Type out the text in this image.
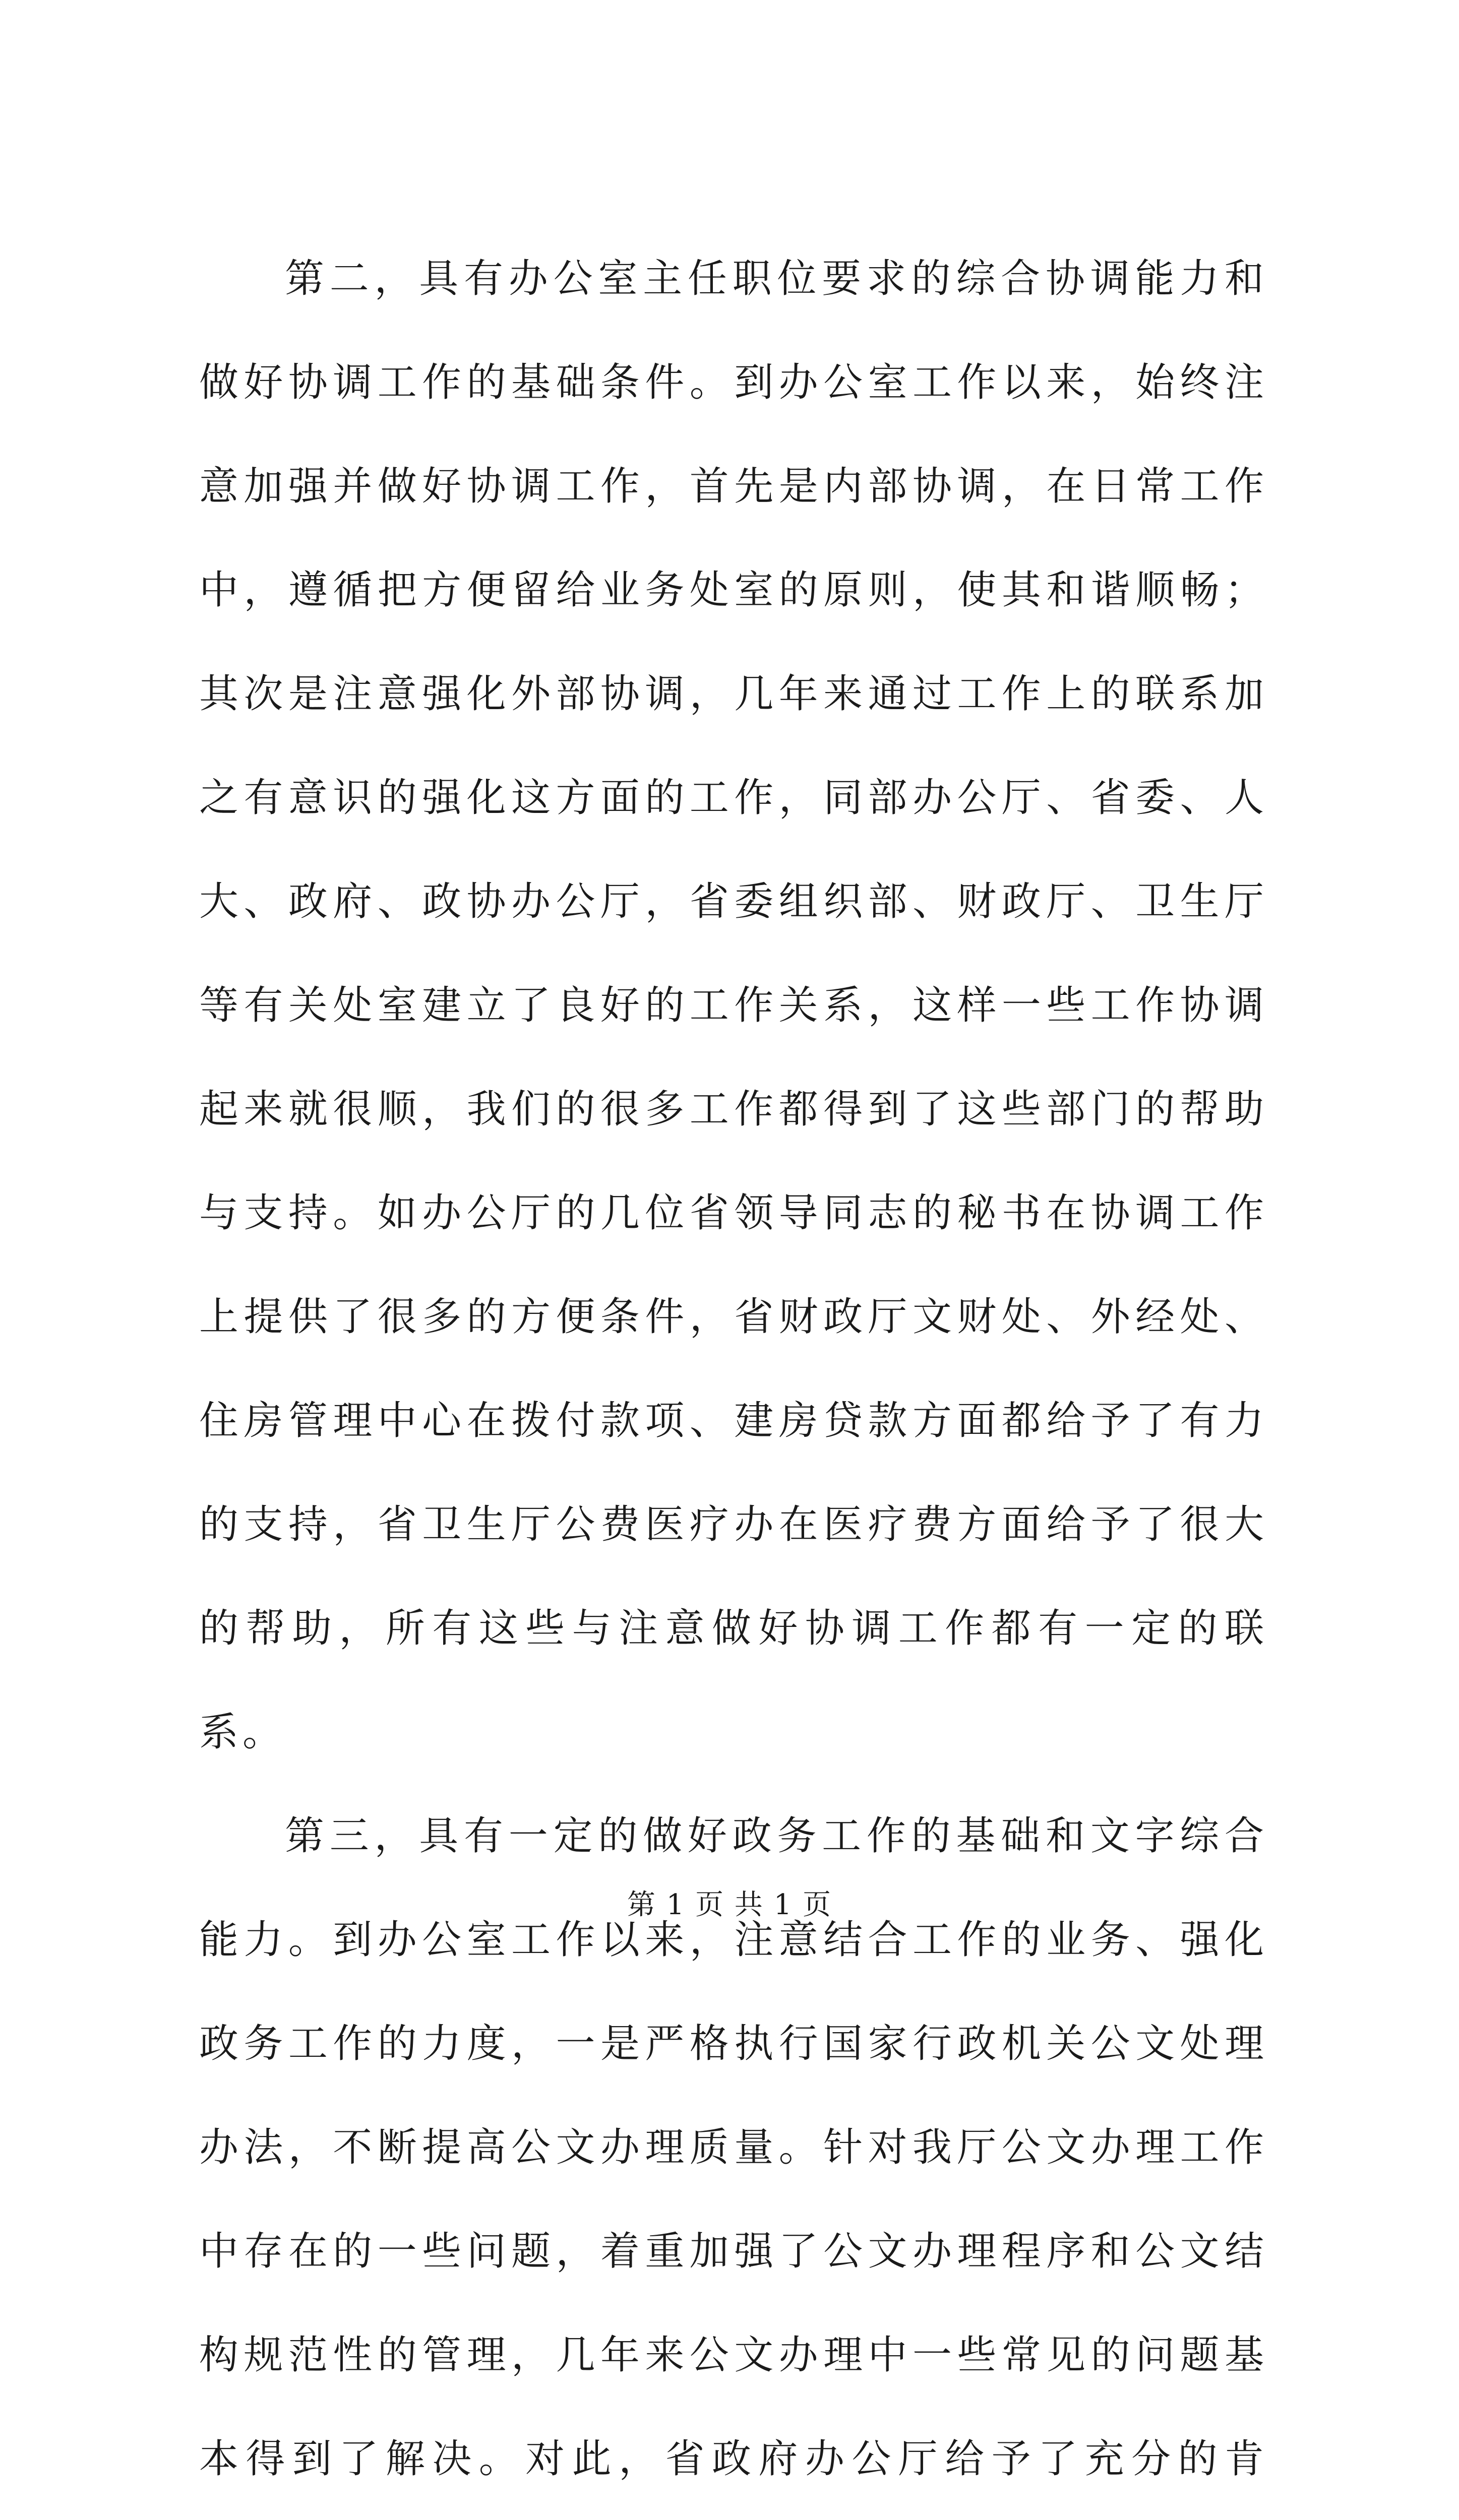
第二，具有办公室主任职位要求的综合协调能力和做好协调工作的基础条件。到办公室工作以来，始终注意加强并做好协调工作，首先是内部协调，在日常工作中，遵循把方便留给业务处室的原则，使其和谐顺畅；其次是注意强化外部协调，几年来通过工作上的联系加之有意识的强化这方面的工作，同部办公厅、省委、人大、政府、政协办公厅，省委组织部、财政厅、卫生厅等有关处室建立了良好的工作关系，这样一些工作协调起来就很顺，我们的很多工作都得到了这些部门的帮助与支持。如办公厅的几位省领导同志的秘书在协调工作上提供了很多的方便条件，省财政厅文财处、外经处、住房管理中心在拨付款项、建房贷款方面都给予了有力的支持，省卫生厅公费医疗办在医疗费方面给予了很大的帮助，所有这些与注意做好协调工作都有一定的联系。

第三，具有一定的做好政务工作的基础和文字综合能力。到办公室工作以来，注意结合工作的业务、强化政务工作的力度，一是严格执行国家行政机关公文处理办法，不断提高公文办理质量。针对我厅公文办理工作中存在的一些问题，着重加强了公文办理程序和公文结构规范性的管理，几年来公文办理中一些常见的问题基本得到了解决。对此，省政府办公厅给予了充分的肯

第 1 页 共 1 页
